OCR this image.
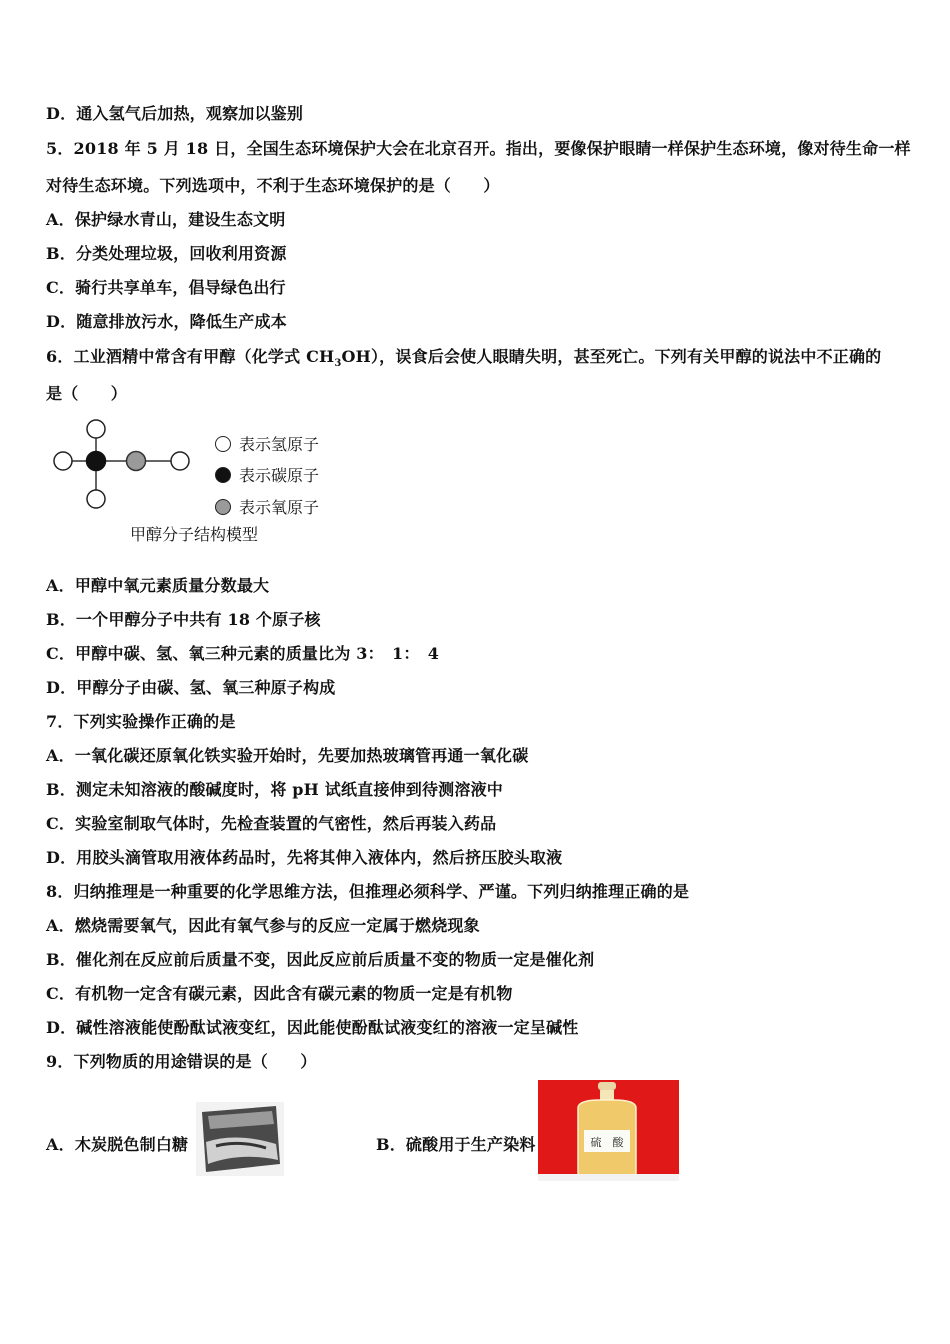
D．通入氢气后加热，观察加以鉴别
5．2018 年 5 月 18 日，全国生态环境保护大会在北京召开。指出，要像保护眼睛一样保护生态环境，像对待生命一样
对待生态环境。下列选项中，不利于生态环境保护的是（　　）
A．保护绿水青山，建设生态文明
B．分类处理垃圾，回收利用资源
C．骑行共享单车，倡导绿色出行
D．随意排放污水，降低生产成本
6．工业酒精中常含有甲醇（化学式 $CH_3OH$），误食后会使人眼睛失明，甚至死亡。下列有关甲醇的说法中不正确的
是（　　）
表示氢原子
表示碳原子
表示氧原子
甲醇分子结构模型
A．甲醇中氧元素质量分数最大
B．一个甲醇分子中共有 18 个原子核
C．甲醇中碳、氢、氧三种元素的质量比为 3：　1：　4
D．甲醇分子由碳、氢、氧三种原子构成
7．下列实验操作正确的是
A．一氧化碳还原氧化铁实验开始时，先要加热玻璃管再通一氧化碳
B．测定未知溶液的酸碱度时，将 pH 试纸直接伸到待测溶液中
C．实验室制取气体时，先检查装置的气密性，然后再装入药品
D．用胶头滴管取用液体药品时，先将其伸入液体内，然后挤压胶头取液
8．归纳推理是一种重要的化学思维方法，但推理必须科学、严谨。下列归纳推理正确的是
A．燃烧需要氧气，因此有氧气参与的反应一定属于燃烧现象
B．催化剂在反应前后质量不变，因此反应前后质量不变的物质一定是催化剂
C．有机物一定含有碳元素，因此含有碳元素的物质一定是有机物
D．碱性溶液能使酚酞试液变红，因此能使酚酞试液变红的溶液一定呈碱性
9．下列物质的用途错误的是（　　）
A．木炭脱色制白糖	B．硫酸用于生产染料	硫　酸
